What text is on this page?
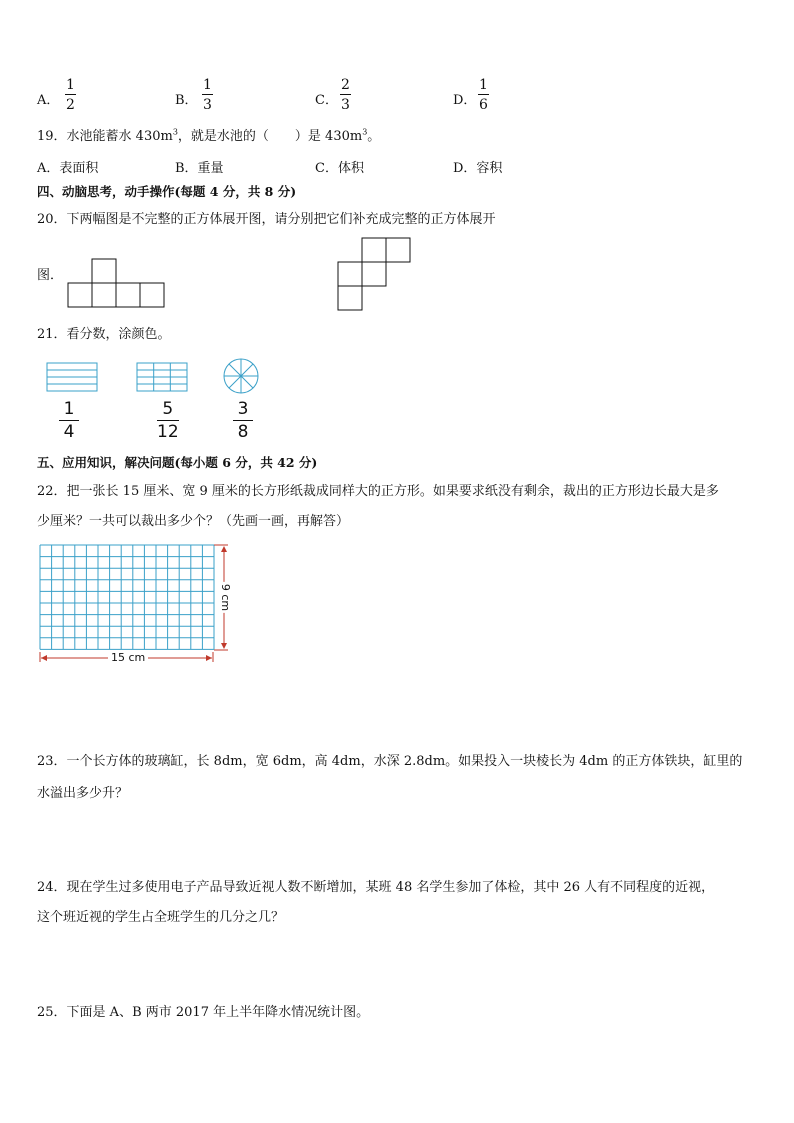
A．
1
2	B．
1
3	C．
2
3	D．
1
6
19．水池能蓄水 $430m^3$，就是水池的（　　）是 $430m^3$。
A．表面积	B．重量	C．体积	D．容积
四、动脑思考，动手操作(每题 4 分，共 8 分)
20．下两幅图是不完整的正方体展开图，请分别把它们补充成完整的正方体展开
图．
21．看分数，涂颜色。
1
4
5
12
3
8
五、应用知识，解决问题(每小题 6 分，共 42 分)
22．把一张长 15 厘米、宽 9 厘米的长方形纸裁成同样大的正方形。如果要求纸没有剩余，裁出的正方形边长最大是多
少厘米？一共可以裁出多少个？（先画一画，再解答）
15 cm
9 cm
23．一个长方体的玻璃缸，长 8dm，宽 6dm，高 4dm，水深 2.8dm。如果投入一块棱长为 4dm 的正方体铁块，缸里的
水溢出多少升？
24．现在学生过多使用电子产品导致近视人数不断增加，某班 48 名学生参加了体检，其中 26 人有不同程度的近视，
这个班近视的学生占全班学生的几分之几？
25．下面是 A、B 两市 2017 年上半年降水情况统计图。
